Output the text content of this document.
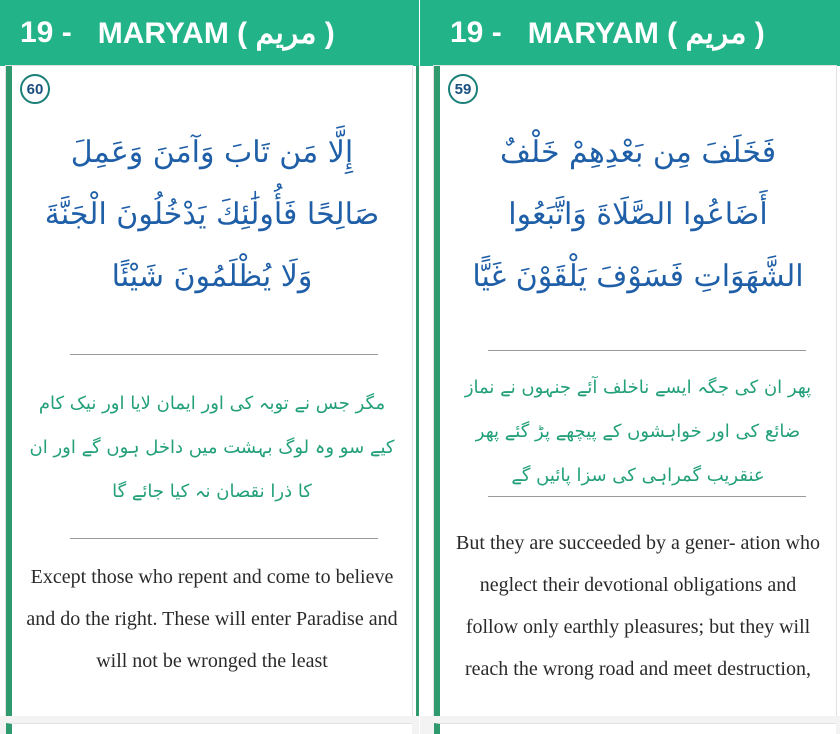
19 - MARYAM ( مريم )
60
إِلَّا مَن تَابَ وَآمَنَ وَعَمِلَ صَالِحًا فَأُولَٰئِكَ يَدْخُلُونَ الْجَنَّةَ وَلَا يُظْلَمُونَ شَيْئًا
مگر جس نے توبہ کی اور ایمان لایا اور نیک کام کیے سو وہ لوگ بہشت میں داخل ہوں گے اور ان کا ذرا نقصان نہ کیا جائے گا
Except those who repent and come to believe and do the right. These will enter Paradise and will not be wronged the least
19 - MARYAM ( مريم )
59
فَخَلَفَ مِن بَعْدِهِمْ خَلْفٌ أَضَاعُوا الصَّلَاةَ وَاتَّبَعُوا الشَّهَوَاتِ فَسَوْفَ يَلْقَوْنَ غَيًّا
پھر ان کی جگہ ایسے ناخلف آئے جنہوں نے نماز ضائع کی اور خواہشوں کے پیچھے پڑ گئے پھر عنقریب گمراہی کی سزا پائیں گے
But they are succeeded by a gener- ation who neglect their devotional obligations and follow only earthly pleasures; but they will reach the wrong road and meet destruction,
